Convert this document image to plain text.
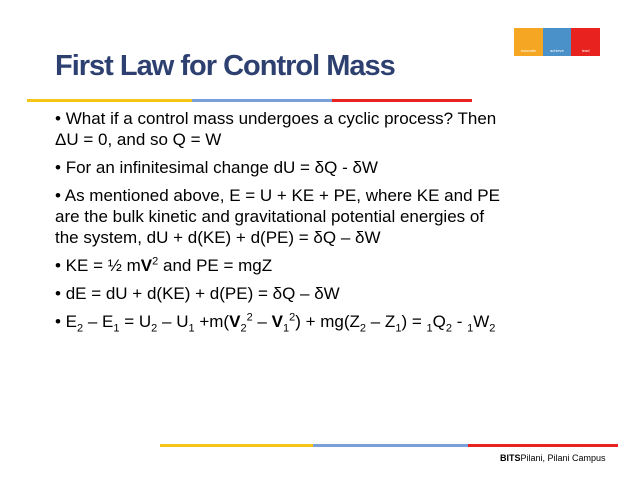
innovate	achieve	lead
First Law for Control Mass
• What if a control mass undergoes a cyclic process? Then
ΔU = 0, and so Q = W
• For an infinitesimal change dU = δQ - δW
• As mentioned above, E = U + KE + PE, where KE and PE
are the bulk kinetic and gravitational potential energies of
the system, dU + d(KE) + d(PE) = δQ – δW
• KE = ½ $mV^2$ and PE = mgZ
• dE = dU + d(KE) + d(PE) = δQ – δW
• $E_2 - E_1 = U_2 - U_1 +m(V_2^2 - V_1^2) + mg(Z_2 - Z_1) = _1Q_2 - _1W_2$
BITSPilani, Pilani Campus
